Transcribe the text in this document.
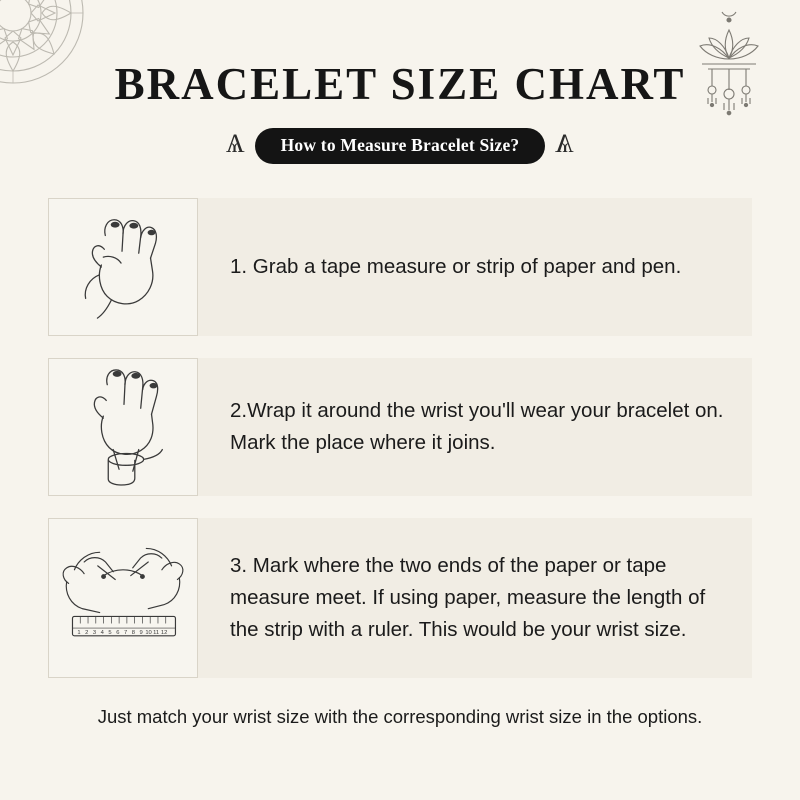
BRACELET SIZE CHART
Ѧ	How to Measure Bracelet Size?	Ѧ
1. Grab a tape measure or strip of paper and pen.
2.Wrap it around the wrist you'll wear your bracelet on. Mark the place where it joins.
1 2 3 4 5 6 7 8 9 10 11 12
3. Mark where the two ends of the paper or tape measure meet. If using paper, measure the length of the strip with a ruler. This would be your wrist size.
Just match your wrist size with the corresponding wrist size in the options.
